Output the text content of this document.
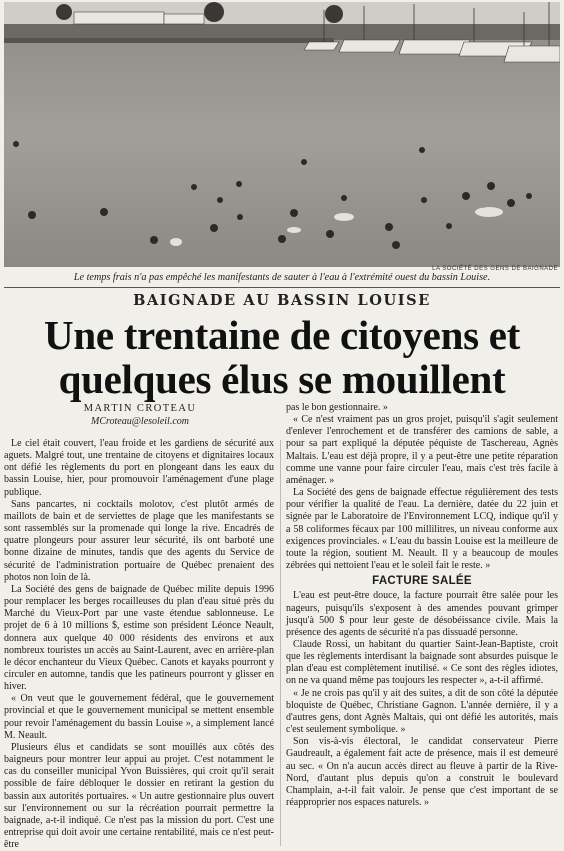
LA SOCIÉTÉ DES GENS DE BAIGNADE
Le temps frais n'a pas empêché les manifestants de sauter à l'eau à l'extrémité ouest du bassin Louise.
BAIGNADE AU BASSIN LOUISE
Une trentaine de citoyens et
quelques élus se mouillent
MARTIN CROTEAU
MCroteau@lesoleil.com

Le ciel était couvert, l'eau froide et les gardiens de sécurité aux aguets. Malgré tout, une trentaine de citoyens et dignitaires locaux ont défié les règlements du port en plongeant dans les eaux du bassin Louise, hier, pour promouvoir l'aménagement d'une plage publique.

Sans pancartes, ni cocktails molotov, c'est plutôt armés de maillots de bain et de serviettes de plage que les manifestants se sont rassemblés sur la promenade qui longe la rive. Encadrés de quatre plongeurs pour assurer leur sécurité, ils ont barboté une bonne dizaine de minutes, tandis que des agents du Service de sécurité de l'administration portuaire de Québec prenaient des photos non loin de là.

La Société des gens de baignade de Québec milite depuis 1996 pour remplacer les berges rocailleuses du plan d'eau situé près du Marché du Vieux-Port par une vaste étendue sablonneuse. Le projet de 6 à 10 millions $, estime son président Léonce Neault, donnera aux quelque 40 000 résidents des environs et aux nombreux touristes un accès au Saint-Laurent, avec en arrière-plan le décor enchanteur du Vieux Québec. Canots et kayaks pourront y circuler en automne, tandis que les patineurs pourront y glisser en hiver.

« On veut que le gouvernement fédéral, que le gouvernement provincial et que le gouvernement municipal se mettent ensemble pour revoir l'aménagement du bassin Louise », a simplement lancé M. Neault.

Plusieurs élus et candidats se sont mouillés aux côtés des baigneurs pour montrer leur appui au projet. C'est notamment le cas du conseiller municipal Yvon Buissières, qui croit qu'il serait possible de faire débloquer le dossier en retirant la gestion du bassin aux autorités portuaires. « Un autre gestionnaire plus ouvert sur l'environnement ou sur la récréation pourrait permettre la baignade, a-t-il indiqué. Ce n'est pas la mission du port. C'est une entreprise qui doit avoir une certaine rentabilité, mais ce n'est peut-être

pas le bon gestionnaire. »

« Ce n'est vraiment pas un gros projet, puisqu'il s'agit seulement d'enlever l'enrochement et de transférer des camions de sable, a pour sa part expliqué la députée péquiste de Taschereau, Agnès Maltais. L'eau est déjà propre, il y a peut-être une petite réparation comme une vanne pour faire circuler l'eau, mais c'est très facile à aménager. »

La Société des gens de baignade effectue régulièrement des tests pour vérifier la qualité de l'eau. La dernière, datée du 22 juin et signée par le Laboratoire de l'Environnement LCQ, indique qu'il y a 58 coliformes fécaux par 100 millilitres, un niveau conforme aux exigences provinciales. « L'eau du bassin Louise est la meilleure de toute la région, soutient M. Neault. Il y a beaucoup de moules zébrées qui nettoient l'eau et le soleil fait le reste. »

FACTURE SALÉE

L'eau est peut-être douce, la facture pourrait être salée pour les nageurs, puisqu'ils s'exposent à des amendes pouvant grimper jusqu'à 500 $ pour leur geste de désobéissance civile. Mais la présence des agents de sécurité n'a pas dissuadé personne.

Claude Rossi, un habitant du quartier Saint-Jean-Baptiste, croit que les règlements interdisant la baignade sont absurdes puisque le plan d'eau est complètement inutilisé. « Ce sont des règles idiotes, on ne va quand même pas toujours les respecter », a-t-il affirmé.

« Je ne crois pas qu'il y ait des suites, a dit de son côté la députée bloquiste de Québec, Christiane Gagnon. L'année dernière, il y a d'autres gens, dont Agnès Maltais, qui ont défié les autorités, mais c'est seulement symbolique. »

Son vis-à-vis électoral, le candidat conservateur Pierre Gaudreault, a également fait acte de présence, mais il est demeuré au sec. « On n'a aucun accès direct au fleuve à partir de la Rive-Nord, d'autant plus depuis qu'on a construit le boulevard Champlain, a-t-il fait valoir. Je pense que c'est important de se réapproprier nos espaces naturels. »
